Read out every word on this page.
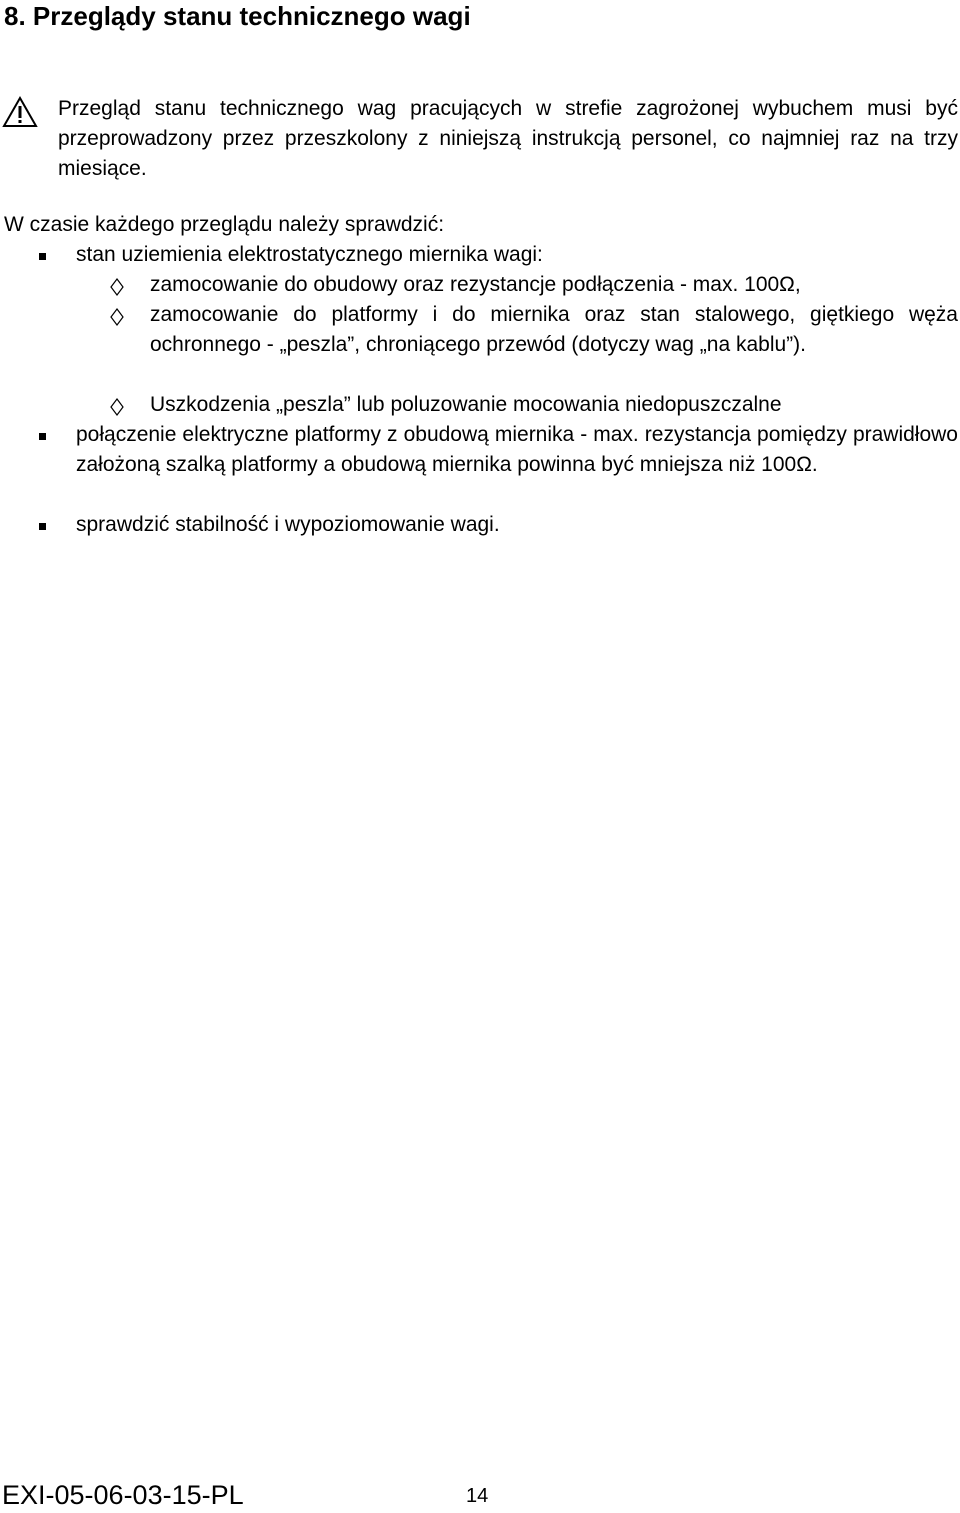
8. Przeglądy stanu technicznego wagi
Przegląd stanu technicznego wag pracujących w strefie zagrożonej wybuchem musi być przeprowadzony przez przeszkolony z niniejszą instrukcją personel, co najmniej raz na trzy miesiące.

W czasie każdego przeglądu należy sprawdzić:

stan uziemienia elektrostatycznego miernika wagi:
zamocowanie do obudowy oraz rezystancje podłączenia - max. 100Ω,
zamocowanie do platformy i do miernika oraz stan stalowego, giętkiego węża ochronnego - „peszla”, chroniącego przewód (dotyczy wag „na kablu”).
Uszkodzenia „peszla” lub poluzowanie mocowania niedopuszczalne
połączenie elektryczne platformy z obudową miernika - max. rezystancja pomiędzy prawidłowo założoną szalką platformy a obudową miernika powinna być mniejsza niż 100Ω.
sprawdzić stabilność i wypoziomowanie wagi.
EXI-05-06-03-15-PL	14
